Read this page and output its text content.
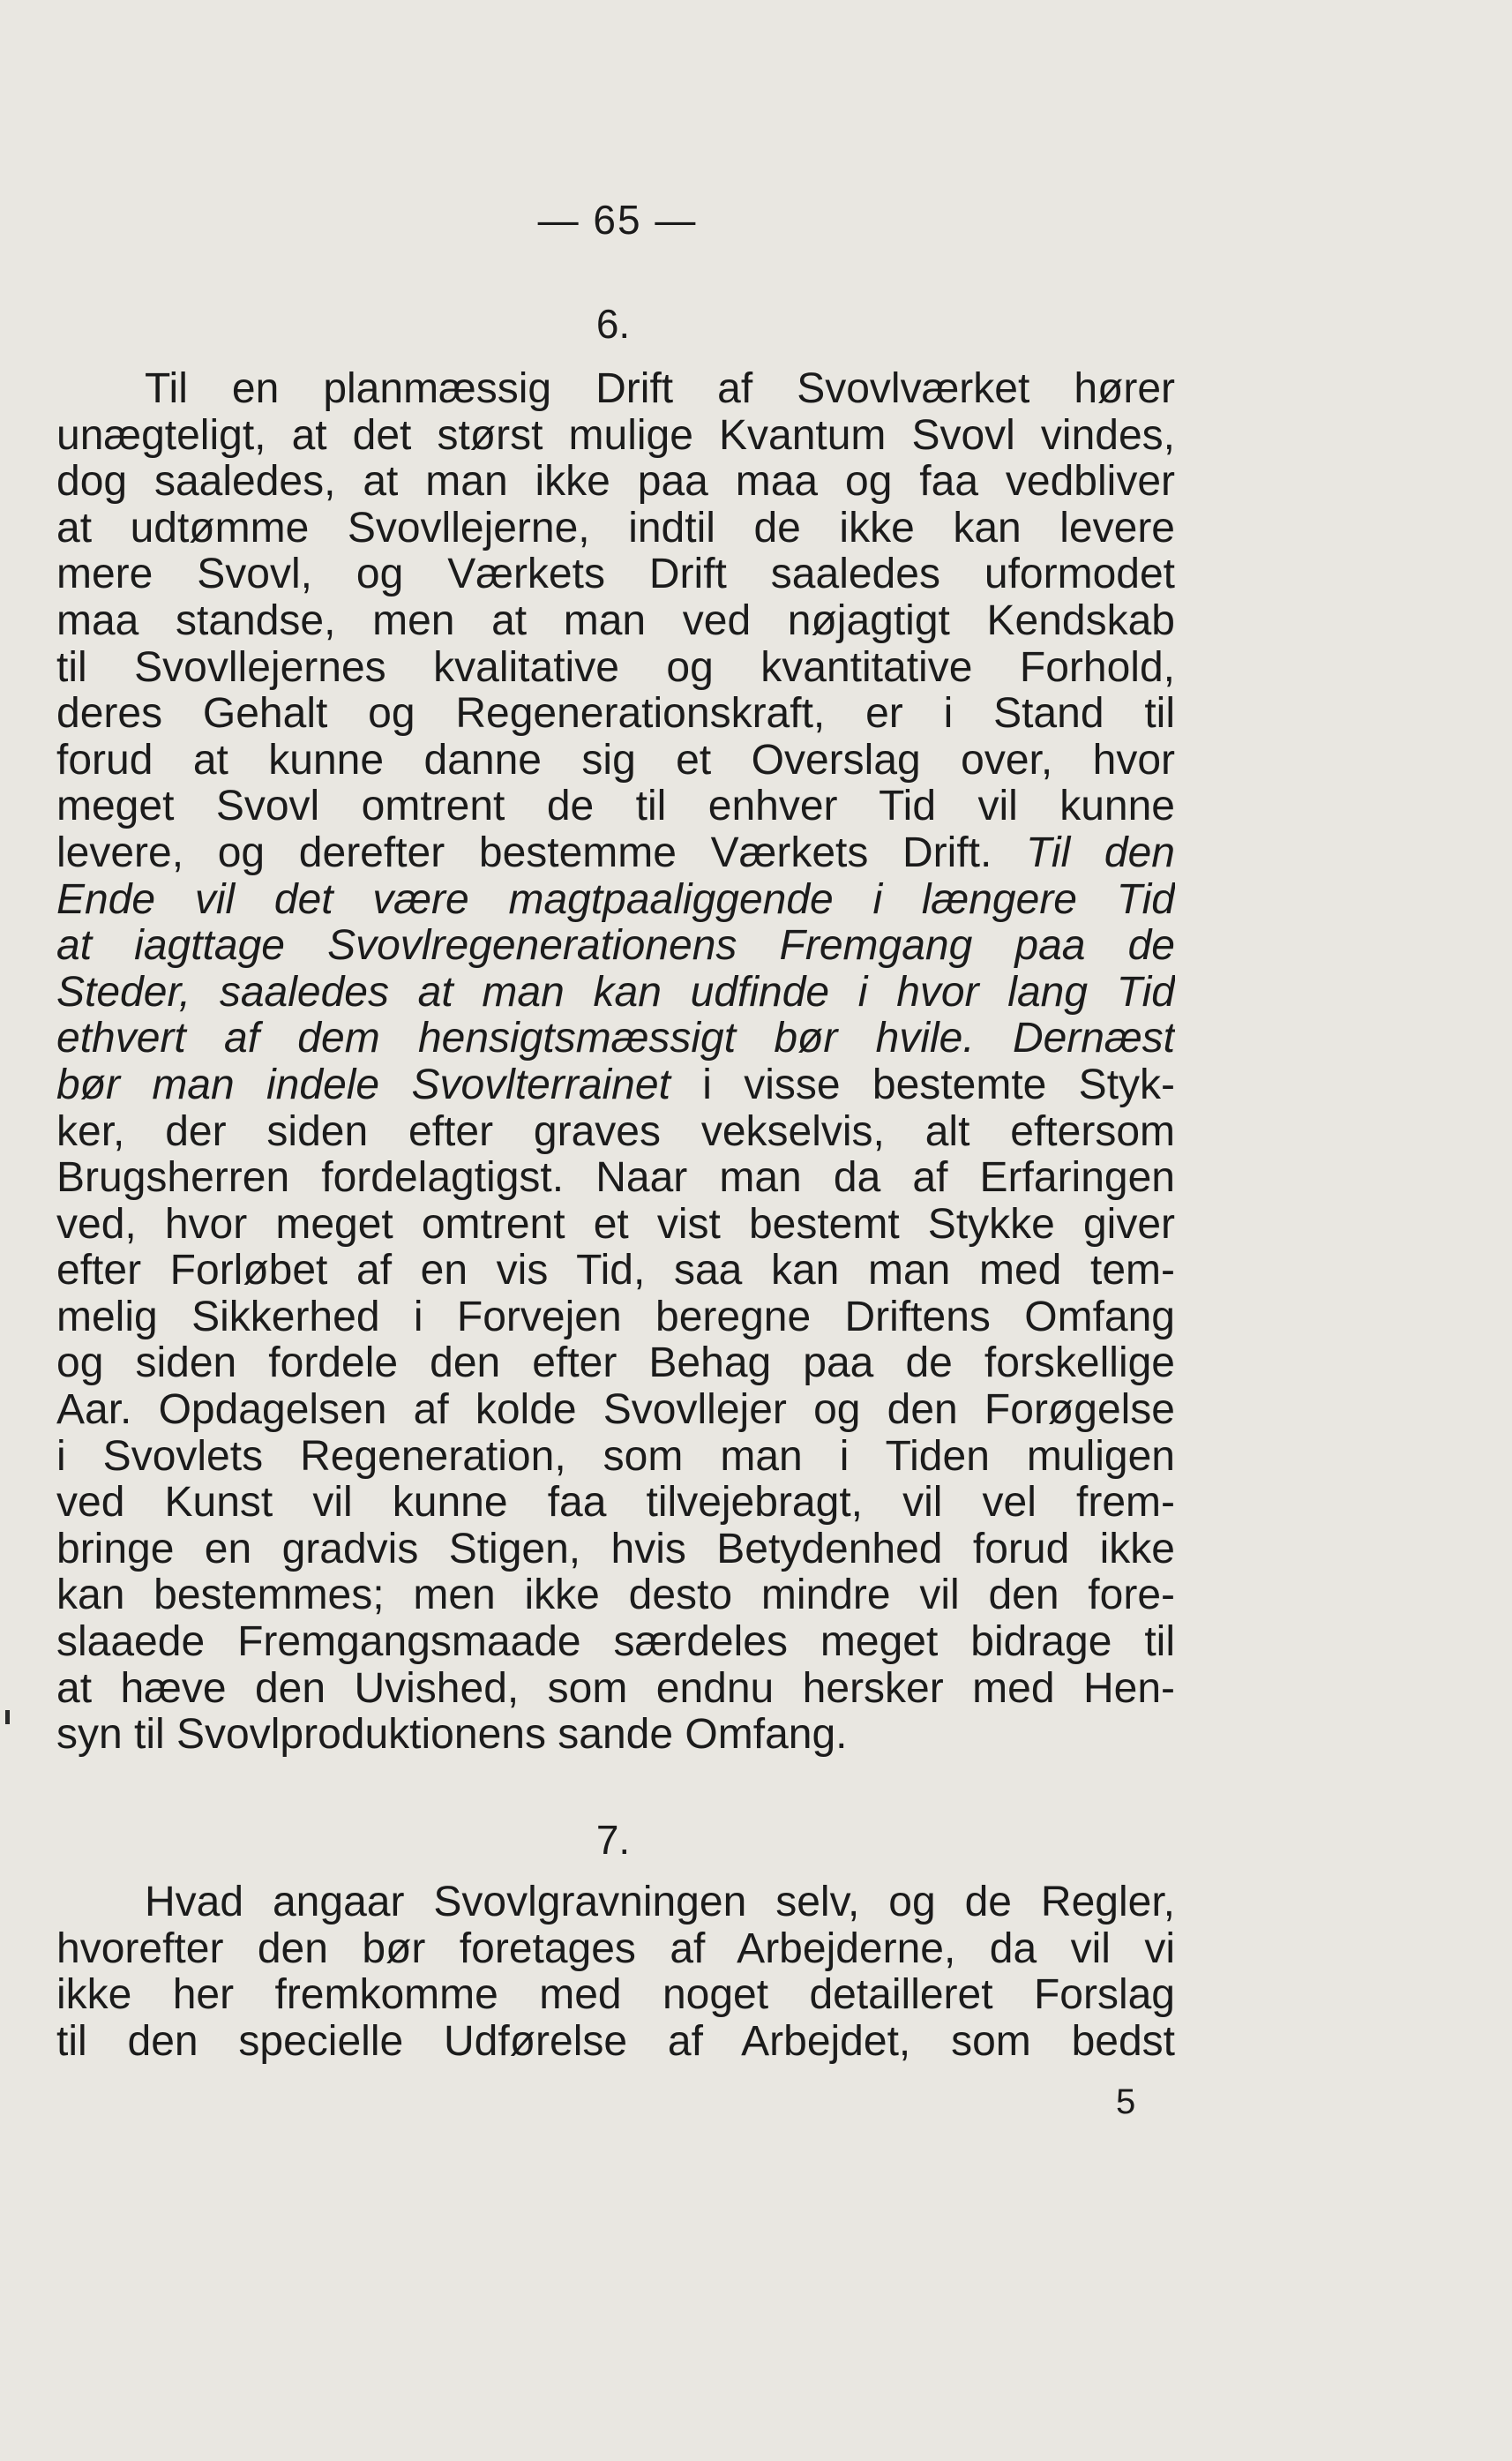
— 65 —
6.
Til en planmæssig Drift af Svovlværket hører
unægteligt, at det størst mulige Kvantum Svovl vindes,
dog saaledes, at man ikke paa maa og faa vedbliver
at udtømme Svovllejerne, indtil de ikke kan levere
mere Svovl, og Værkets Drift saaledes uformodet
maa standse, men at man ved nøjagtigt Kendskab
til Svovllejernes kvalitative og kvantitative Forhold,
deres Gehalt og Regenerationskraft, er i Stand til
forud at kunne danne sig et Overslag over, hvor
meget Svovl omtrent de til enhver Tid vil kunne
levere, og derefter bestemme Værkets Drift. Til den
Ende vil det være magtpaaliggende i længere Tid
at iagttage Svovlregenerationens Fremgang paa de
Steder, saaledes at man kan udfinde i hvor lang Tid
ethvert af dem hensigtsmæssigt bør hvile. Dernæst
bør man indele Svovlterrainet i visse bestemte Styk-
ker, der siden efter graves vekselvis, alt eftersom
Brugsherren fordelagtigst. Naar man da af Erfaringen
ved, hvor meget omtrent et vist bestemt Stykke giver
efter Forløbet af en vis Tid, saa kan man med tem-
melig Sikkerhed i Forvejen beregne Driftens Omfang
og siden fordele den efter Behag paa de forskellige
Aar. Opdagelsen af kolde Svovllejer og den Forøgelse
i Svovlets Regeneration, som man i Tiden muligen
ved Kunst vil kunne faa tilvejebragt, vil vel frem-
bringe en gradvis Stigen, hvis Betydenhed forud ikke
kan bestemmes; men ikke desto mindre vil den fore-
slaaede Fremgangsmaade særdeles meget bidrage til
at hæve den Uvished, som endnu hersker med Hen-
syn til Svovlproduktionens sande Omfang.
7.
Hvad angaar Svovlgravningen selv, og de Regler,
hvorefter den bør foretages af Arbejderne, da vil vi
ikke her fremkomme med noget detailleret Forslag
til den specielle Udførelse af Arbejdet, som bedst
5
